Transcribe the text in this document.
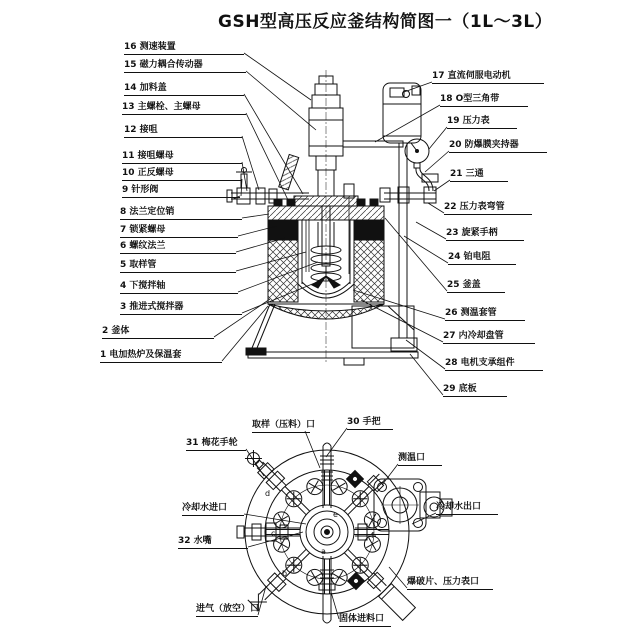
GSH型高压反应釜结构简图一（1L～3L）
16 测速装置
15 磁力耦合传动器
14 加料盖
13 主螺栓、主螺母
12 接咀
11 接咀螺母
10 正反螺母
9 针形阀
8 法兰定位销
7 锁紧螺母
6 螺纹法兰
5 取样管
4 下搅拌轴
3 推进式搅拌器
2 釜体
1 电加热炉及保温套
17 直流伺服电动机
18 O型三角带
19 压力表
20 防爆膜夹持器
21 三通
22 压力表弯管
23 旋紧手柄
24 铂电阻
25 釜盖
26 测温套管
27 内冷却盘管
28 电机支承组件
29 底板
取样（压料）口	30 手把
31 梅花手轮
测温口
冷却水进口	冷却水出口
32 水嘴
进气（放空）口
固体进料口
爆破片、压力表口
a
b
c
d
e
f
